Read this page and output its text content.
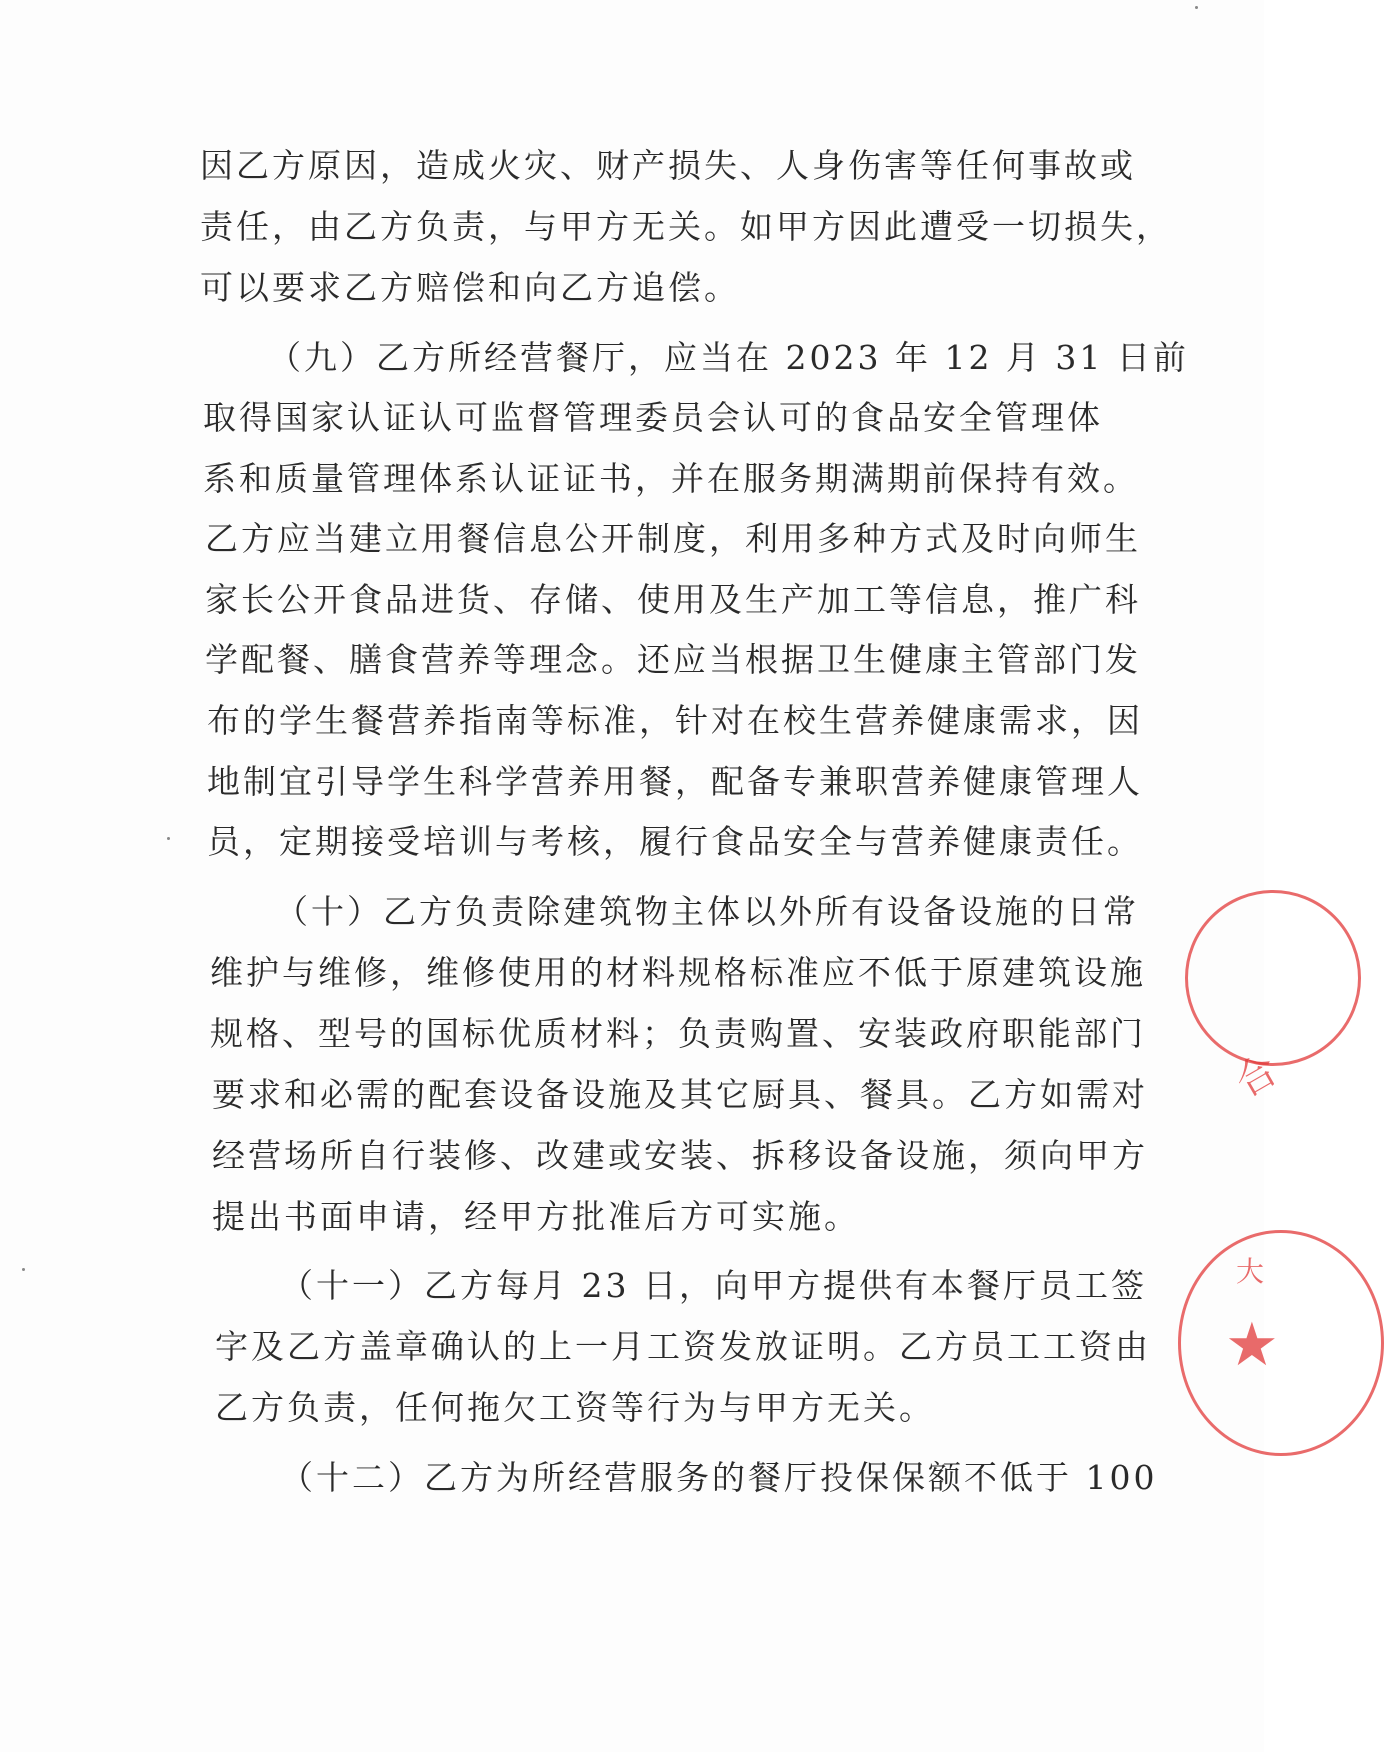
因乙方原因，造成火灾、财产损失、人身伤害等任何事故或
责任，由乙方负责，与甲方无关。如甲方因此遭受一切损失，
可以要求乙方赔偿和向乙方追偿。
（九）乙方所经营餐厅，应当在 2023 年 12 月 31 日前
取得国家认证认可监督管理委员会认可的食品安全管理体
系和质量管理体系认证证书，并在服务期满期前保持有效。
乙方应当建立用餐信息公开制度，利用多种方式及时向师生
家长公开食品进货、存储、使用及生产加工等信息，推广科
学配餐、膳食营养等理念。还应当根据卫生健康主管部门发
布的学生餐营养指南等标准，针对在校生营养健康需求，因
地制宜引导学生科学营养用餐，配备专兼职营养健康管理人
员，定期接受培训与考核，履行食品安全与营养健康责任。
（十）乙方负责除建筑物主体以外所有设备设施的日常
维护与维修，维修使用的材料规格标准应不低于原建筑设施
规格、型号的国标优质材料；负责购置、安装政府职能部门
要求和必需的配套设备设施及其它厨具、餐具。乙方如需对
经营场所自行装修、改建或安装、拆移设备设施，须向甲方
提出书面申请，经甲方批准后方可实施。
（十一）乙方每月 23 日，向甲方提供有本餐厅员工签
字及乙方盖章确认的上一月工资发放证明。乙方员工工资由
乙方负责，任何拖欠工资等行为与甲方无关。
（十二）乙方为所经营服务的餐厅投保保额不低于 100
合
大
★
